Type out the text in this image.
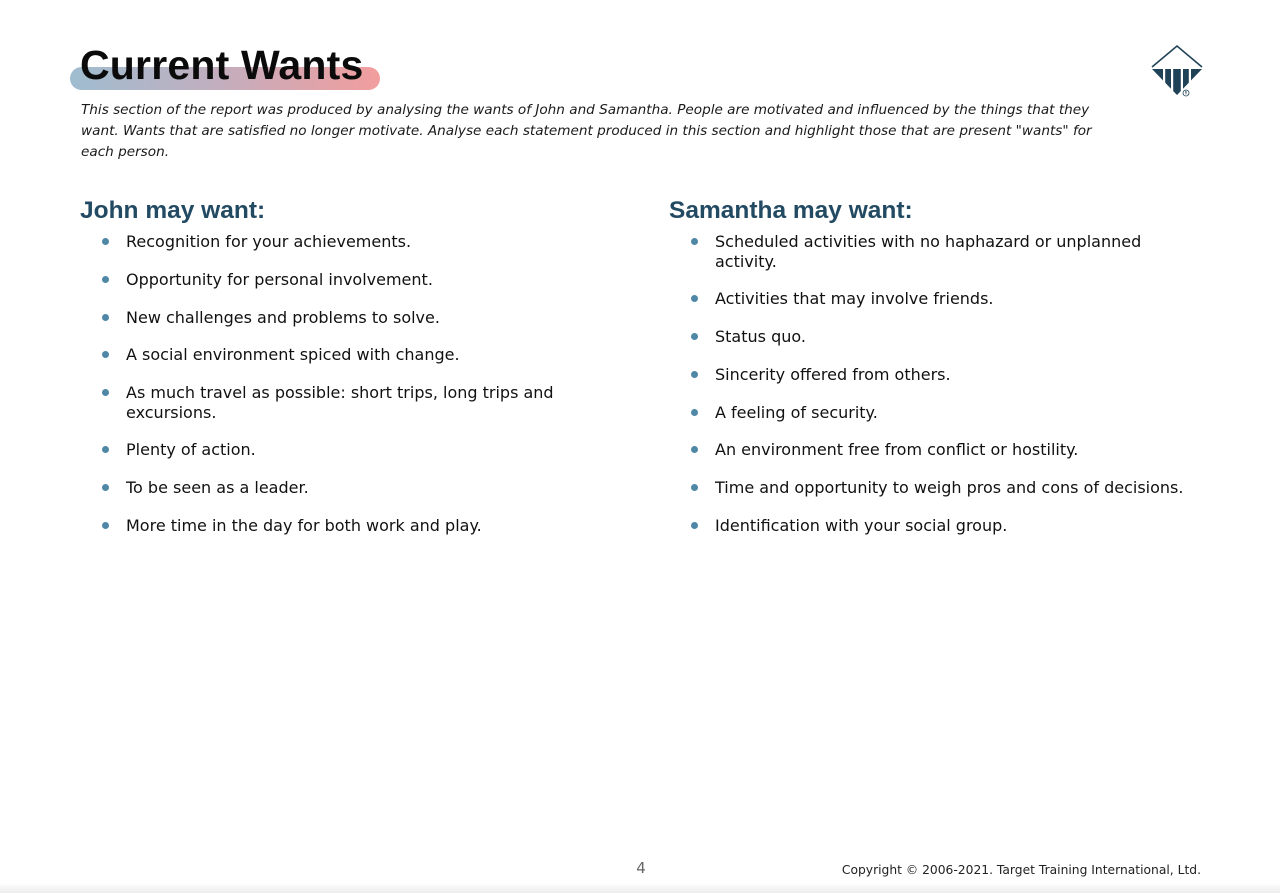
Current Wants
R

This section of the report was produced by analysing the wants of John and Samantha. People are motivated and influenced by the things that they want. Wants that are satisfied no longer motivate. Analyse each statement produced in this section and highlight those that are present "wants" for each person.

John may want:
Recognition for your achievements.
Opportunity for personal involvement.
New challenges and problems to solve.
A social environment spiced with change.
As much travel as possible: short trips, long trips and excursions.
Plenty of action.
To be seen as a leader.
More time in the day for both work and play.
Samantha may want:
Scheduled activities with no haphazard or unplanned activity.
Activities that may involve friends.
Status quo.
Sincerity offered from others.
A feeling of security.
An environment free from conflict or hostility.
Time and opportunity to weigh pros and cons of decisions.
Identification with your social group.
4	Copyright © 2006-2021. Target Training International, Ltd.
